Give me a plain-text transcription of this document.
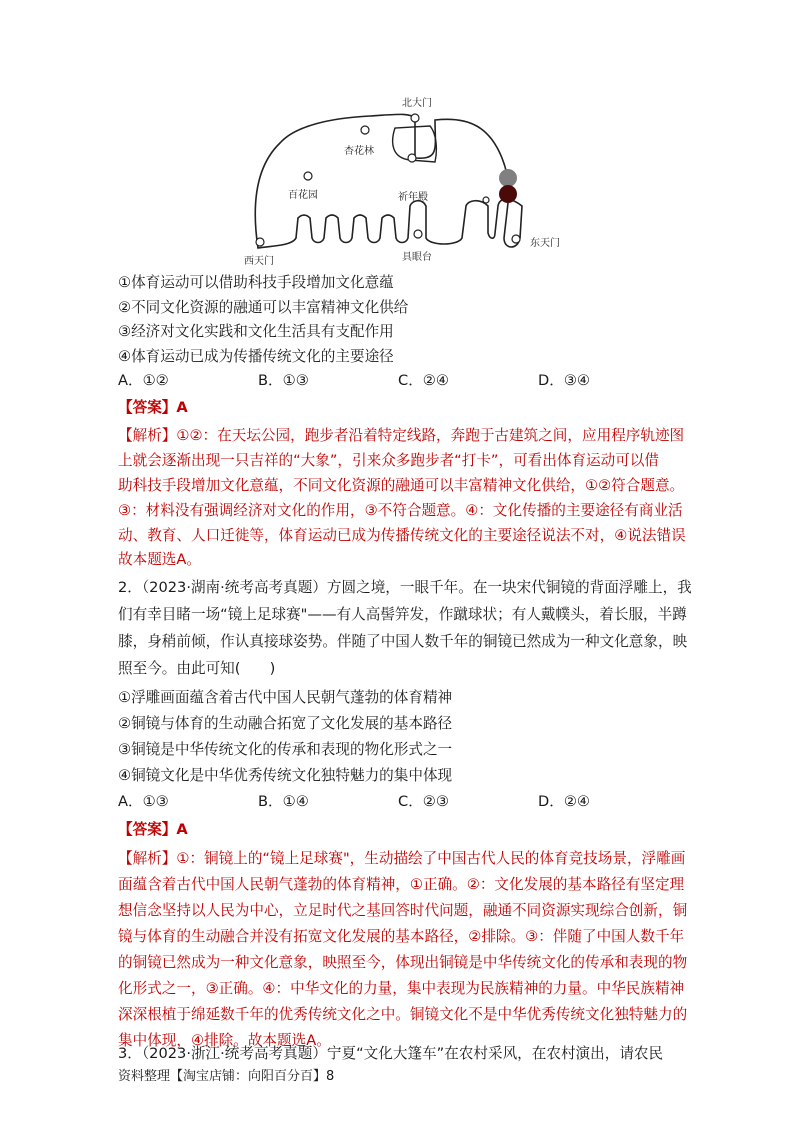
北大门
杏花林
百花园	祈年殿
西天门	具眼台
东天门
①体育运动可以借助科技手段增加文化意蕴
②不同文化资源的融通可以丰富精神文化供给
③经济对文化实践和文化生活具有支配作用
④体育运动已成为传播传统文化的主要途径
A．①②	B．①③	C．②④	D．③④
【答案】A
【解析】①②：在天坛公园，跑步者沿着特定线路，奔跑于古建筑之间，应用程序轨迹图
上就会逐渐出现一只吉祥的“大象”，引来众多跑步者“打卡”，可看出体育运动可以借
助科技手段增加文化意蕴，不同文化资源的融通可以丰富精神文化供给，①②符合题意。
③：材料没有强调经济对文化的作用，③不符合题意。④：文化传播的主要途径有商业活
动、教育、人口迁徙等，体育运动已成为传播传统文化的主要途径说法不对，④说法错误
故本题选A。
2．（2023·湖南·统考高考真题）方圆之境，一眼千年。在一块宋代铜镜的背面浮雕上，我
们有幸目睹一场“镜上足球赛"——有人高髻笄发，作蹴球状；有人戴幞头，着长服，半蹲
膝，身稍前倾，作认真接球姿势。伴随了中国人数千年的铜镜已然成为一种文化意象，映
照至今。由此可知(　　)
①浮雕画面蕴含着古代中国人民朝气蓬勃的体育精神
②铜镜与体育的生动融合拓宽了文化发展的基本路径
③铜镜是中华传统文化的传承和表现的物化形式之一
④铜镜文化是中华优秀传统文化独特魅力的集中体现
A．①③	B．①④	C．②③	D．②④
【答案】A
【解析】①：铜镜上的“镜上足球赛"，生动描绘了中国古代人民的体育竞技场景，浮雕画
面蕴含着古代中国人民朝气蓬勃的体育精神，①正确。②：文化发展的基本路径有坚定理
想信念坚持以人民为中心，立足时代之基回答时代问题，融通不同资源实现综合创新，铜
镜与体育的生动融合并没有拓宽文化发展的基本路径，②排除。③：伴随了中国人数千年
的铜镜已然成为一种文化意象，映照至今，体现出铜镜是中华传统文化的传承和表现的物
化形式之一，③正确。④：中华文化的力量，集中表现为民族精神的力量。中华民族精神
深深根植于绵延数千年的优秀传统文化之中。铜镜文化不是中华优秀传统文化独特魅力的
集中体现，④排除。故本题选A。
资料整理【淘宝店铺：向阳百分百】8
3．（2023·浙江·统考高考真题）宁夏“文化大篷车”在农村采风，在农村演出，请农民
